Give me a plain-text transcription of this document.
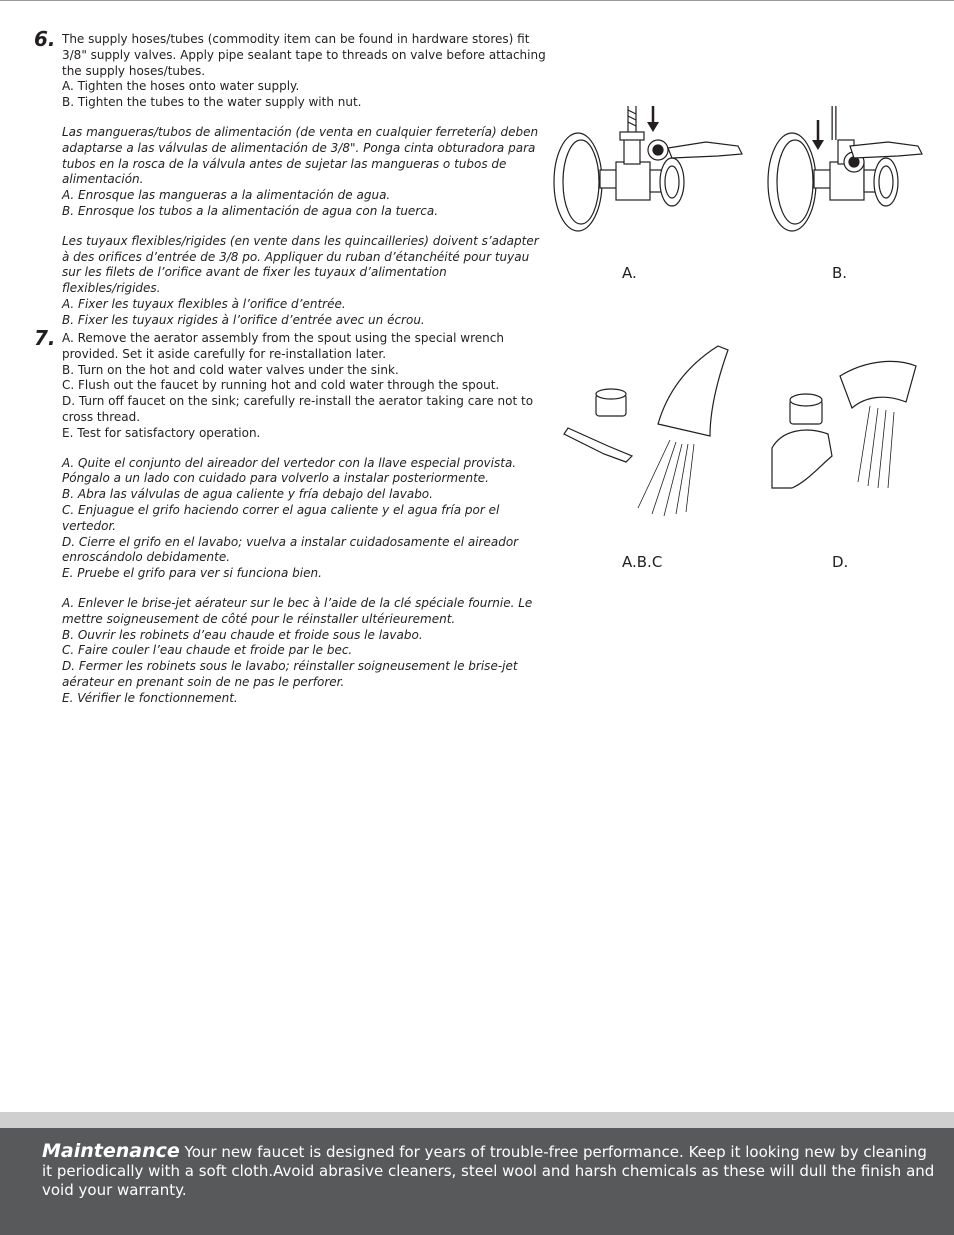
6. The supply hoses/tubes (commodity item can be found in hardware stores) fit 3/8" supply valves. Apply pipe sealant tape to threads on valve before attaching the supply hoses/tubes.

A. Tighten the hoses onto water supply.

B. Tighten the tubes to the water supply with nut.

Las mangueras/tubos de alimentación (de venta en cualquier ferretería) deben adaptarse a las válvulas de alimentación de 3/8". Ponga cinta obturadora para tubos en la rosca de la válvula antes de sujetar las mangueras o tubos de alimentación.

A. Enrosque las mangueras a la alimentación de agua.

B. Enrosque los tubos a la alimentación de agua con la tuerca.

Les tuyaux flexibles/rigides (en vente dans les quincailleries) doivent s’adapter à des orifices d’entrée de 3/8 po. Appliquer du ruban d’étanchéité pour tuyau sur les filets de l’orifice avant de fixer les tuyaux d’alimentation flexibles/rigides.

A. Fixer les tuyaux flexibles à l’orifice d’entrée.

B. Fixer les tuyaux rigides à l’orifice d’entrée avec un écrou.

A.	B.
7. A. Remove the aerator assembly from the spout using the special wrench provided. Set it aside carefully for re-installation later.

B. Turn on the hot and cold water valves under the sink.

C. Flush out the faucet by running hot and cold water through the spout.

D. Turn off faucet on the sink; carefully re-install the aerator taking care not to cross thread.

E. Test for satisfactory operation.

A. Quite el conjunto del aireador del vertedor con la llave especial provista. Póngalo a un lado con cuidado para volverlo a instalar posteriormente.

B. Abra las válvulas de agua caliente y fría debajo del lavabo.

C. Enjuague el grifo haciendo correr el agua caliente y el agua fría por el vertedor.

D. Cierre el grifo en el lavabo; vuelva a instalar cuidadosamente el aireador enroscándolo debidamente.

E. Pruebe el grifo para ver si funciona bien.

A. Enlever le brise-jet aérateur sur le bec à l’aide de la clé spéciale fournie. Le mettre soigneusement de côté pour le réinstaller ultérieurement.

B. Ouvrir les robinets d’eau chaude et froide sous le lavabo.

C. Faire couler l’eau chaude et froide par le bec.

D. Fermer les robinets sous le lavabo; réinstaller soigneusement le brise-jet aérateur en prenant soin de ne pas le perforer.

E. Vérifier le fonctionnement.

A.B.C	D.
Maintenance Your new faucet is designed for years of trouble-free performance. Keep it looking new by cleaning it periodically with a soft cloth.Avoid abrasive cleaners, steel wool and harsh chemicals as these will dull the finish and void your warranty.
